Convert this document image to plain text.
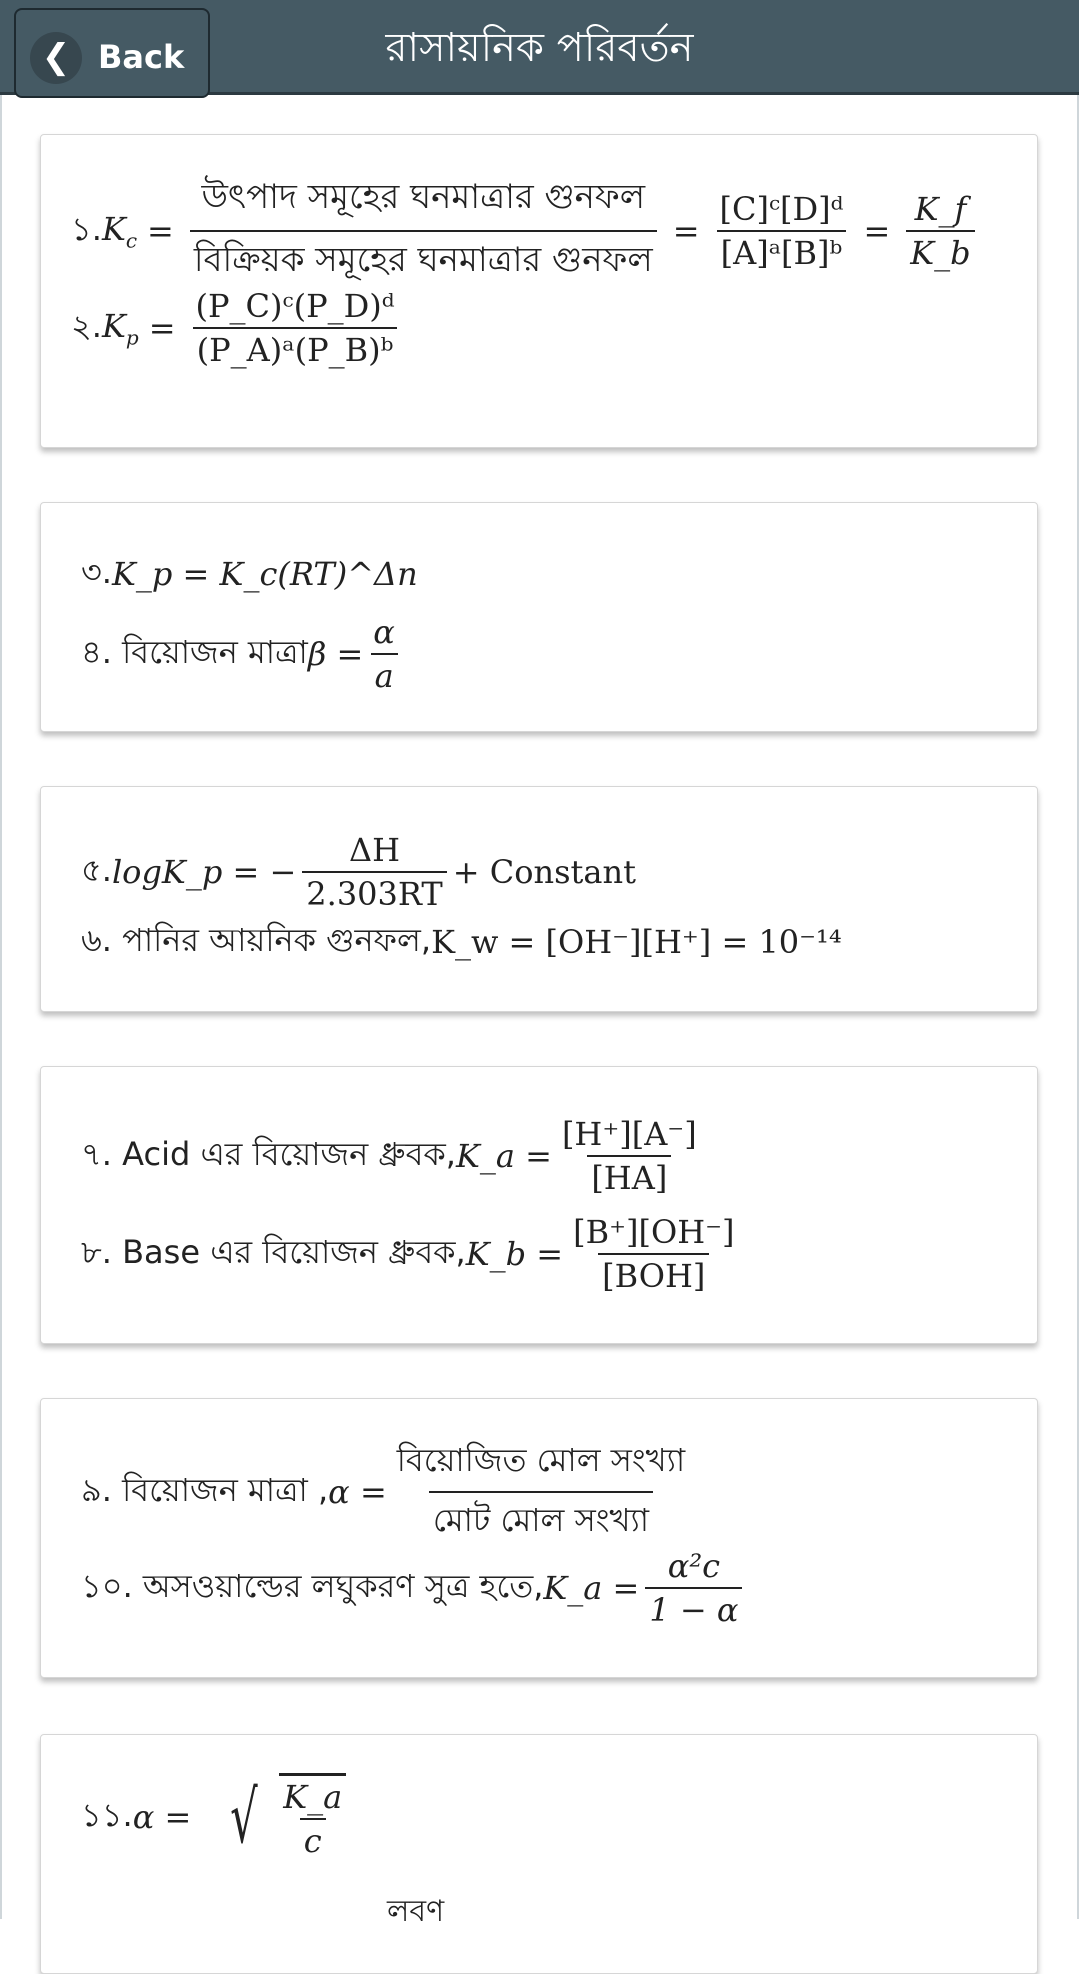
❮ Back	রাসায়নিক পরিবর্তন
১. $K_c = \frac{\text{উৎপাদ সমূহের ঘনমাত্রার গুনফল}}{\text{বিক্রিয়ক সমূহের ঘনমাত্রার গুনফল}} = \frac{\text{[C]ᶜ[D]ᵈ}}{\text{[A]ᵃ[B]ᵇ}} = \frac{K\_f}{K\_b}$
২. $K_p = \frac{\text{(P\_C)ᶜ(P\_D)ᵈ}}{\text{(P\_A)ᵃ(P\_B)ᵇ}}$
৩. K_p = K_c(RT)^Δn
৪. বিয়োজন মাত্রা $\beta = \frac{\alpha}{a}$
৫. logK_p = − $\frac{\Delta H}{2.303RT}$ + Constant
৬. পানির আয়নিক গুনফল, K_w = [OH⁻][H⁺] = 10⁻¹⁴
৭. Acid এর বিয়োজন ধ্রুবক, K_a = $\frac{[H^+][A^-]}{[HA]}$
৮. Base এর বিয়োজন ধ্রুবক, K_b = $\frac{[B^+][OH^-]}{\text{[BOH]}}$
৯. বিয়োজন মাত্রা , $\alpha = \frac{\text{বিয়োজিত মোল সংখ্যা}}{\text{মোট মোল সংখ্যা}}$
১০. অসওয়াল্ডের লঘুকরণ সুত্র হতে, K_a = $\frac{\text{α²c}}{1 - \alpha}$
১১. α = √ $\frac{K\_a}{c}$
লবণ
